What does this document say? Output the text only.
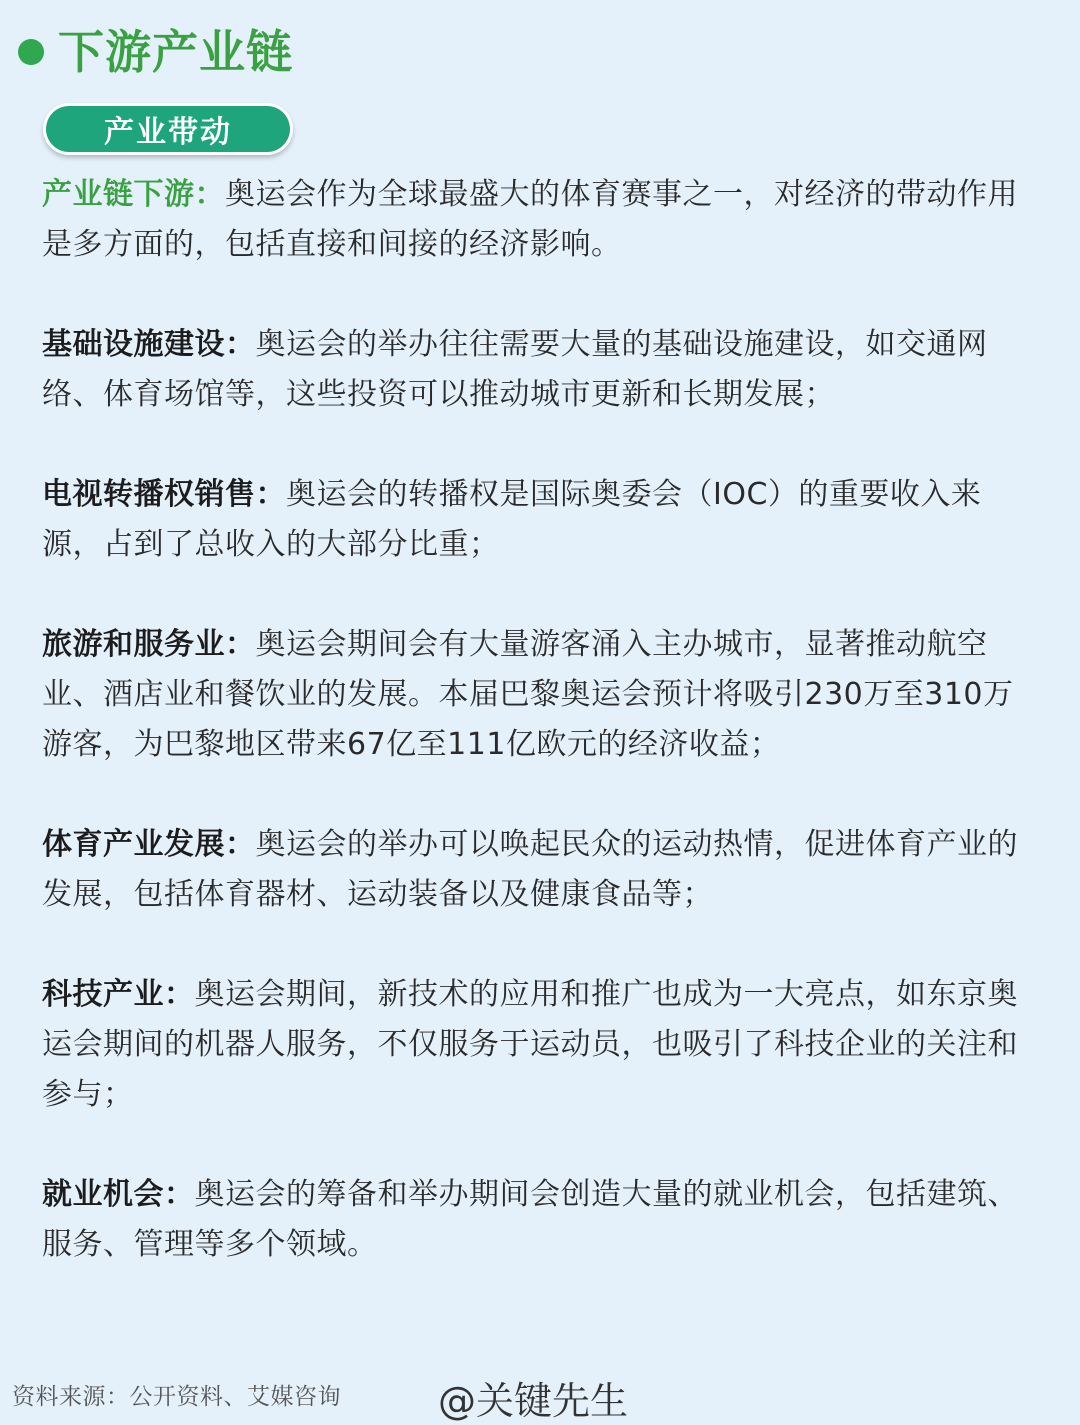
下游产业链
产业带动

产业链下游：奥运会作为全球最盛大的体育赛事之一，对经济的带动作用是多方面的，包括直接和间接的经济影响。

基础设施建设：奥运会的举办往往需要大量的基础设施建设，如交通网络、体育场馆等，这些投资可以推动城市更新和长期发展；

电视转播权销售：奥运会的转播权是国际奥委会（IOC）的重要收入来源，占到了总收入的大部分比重；

旅游和服务业：奥运会期间会有大量游客涌入主办城市，显著推动航空业、酒店业和餐饮业的发展。本届巴黎奥运会预计将吸引230万至310万游客，为巴黎地区带来67亿至111亿欧元的经济收益；

体育产业发展：奥运会的举办可以唤起民众的运动热情，促进体育产业的发展，包括体育器材、运动装备以及健康食品等；

科技产业：奥运会期间，新技术的应用和推广也成为一大亮点，如东京奥运会期间的机器人服务，不仅服务于运动员，也吸引了科技企业的关注和参与；

就业机会：奥运会的筹备和举办期间会创造大量的就业机会，包括建筑、服务、管理等多个领域。

资料来源：公开资料、艾媒咨询	@关键先生
